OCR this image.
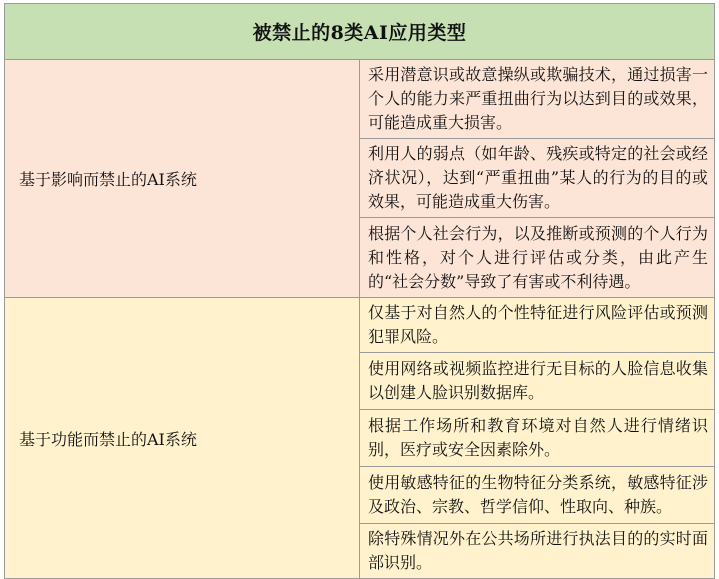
被禁止的8类AI应用类型	
基于影响而禁止的AI系统	采用潜意识或故意操纵或欺骗技术，通过损害一个人的能力来严重扭曲行为以达到目的或效果，可能造成重大损害。
	利用人的弱点（如年龄、残疾或特定的社会或经济状况），达到“严重扭曲”某人的行为的目的或效果，可能造成重大伤害。
	根据个人社会行为，以及推断或预测的个人行为和性格，对个人进行评估或分类，由此产生的“社会分数”导致了有害或不利待遇。
基于功能而禁止的AI系统	仅基于对自然人的个性特征进行风险评估或预测犯罪风险。
	使用网络或视频监控进行无目标的人脸信息收集以创建人脸识别数据库。
	根据工作场所和教育环境对自然人进行情绪识别，医疗或安全因素除外。
	使用敏感特征的生物特征分类系统，敏感特征涉及政治、宗教、哲学信仰、性取向、种族。
	除特殊情况外在公共场所进行执法目的的实时面部识别。
